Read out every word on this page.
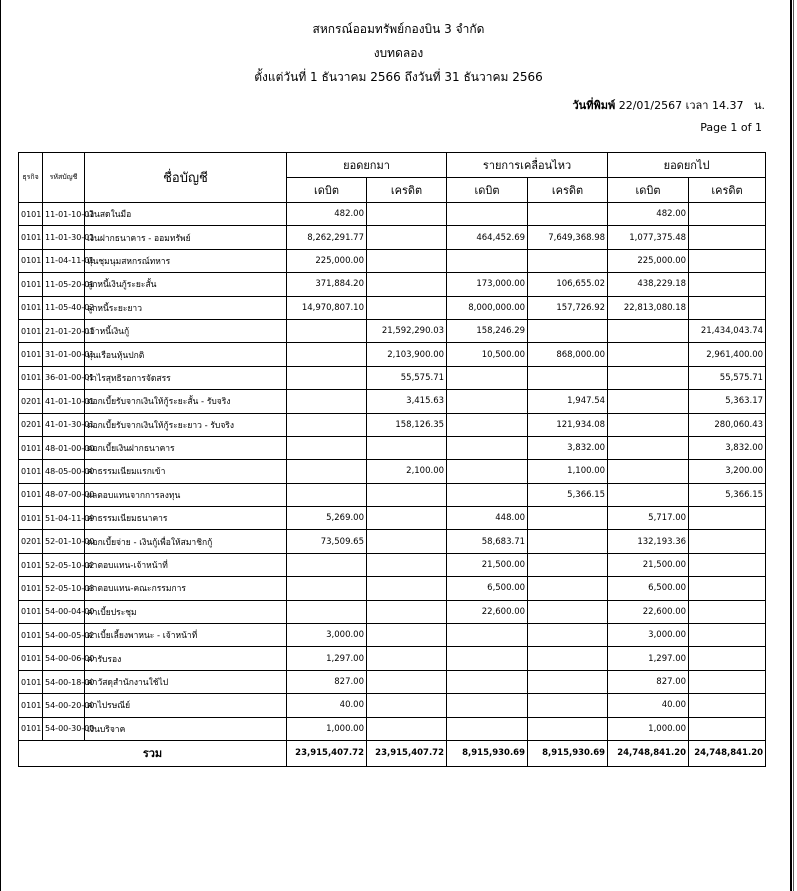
สหกรณ์ออมทรัพย์กองบิน 3 จำกัด
งบทดลอง
ตั้งแต่วันที่ 1 ธันวาคม 2566 ถึงวันที่ 31 ธันวาคม 2566
วันที่พิมพ์ 22/01/2567 เวลา 14.37 น.
Page 1 of 1
ธุรกิจ	รหัสบัญชี	ชื่อบัญชี	ยอดยกมา		รายการเคลื่อนไหว		ยอดยกไป	
			เดบิต	เครดิต	เดบิต	เครดิต	เดบิต	เครดิต
0101	11-01-10-01	เงินสดในมือ	482.00				482.00	
0101	11-01-30-01	เงินฝากธนาคาร - ออมทรัพย์	8,262,291.77		464,452.69	7,649,368.98	1,077,375.48	
0101	11-04-11-01	หุ้นชุมนุมสหกรณ์ทหาร	225,000.00				225,000.00	
0101	11-05-20-01	ลูกหนี้เงินกู้ระยะสั้น	371,884.20		173,000.00	106,655.02	438,229.18	
0101	11-05-40-02	ลูกหนี้ระยะยาว	14,970,807.10		8,000,000.00	157,726.92	22,813,080.18	
0101	21-01-20-01	เจ้าหนี้เงินกู้		21,592,290.03	158,246.29			21,434,043.74
0101	31-01-00-01	ทุนเรือนหุ้นปกติ		2,103,900.00	10,500.00	868,000.00		2,961,400.00
0101	36-01-00-01	กำไรสุทธิรอการจัดสรร		55,575.71				55,575.71
0201	41-01-10-01	ดอกเบี้ยรับจากเงินให้กู้ระยะสั้น - รับจริง		3,415.63		1,947.54		5,363.17
0201	41-01-30-01	ดอกเบี้ยรับจากเงินให้กู้ระยะยาว - รับจริง		158,126.35		121,934.08		280,060.43
0101	48-01-00-00	ดอกเบี้ยเงินฝากธนาคาร				3,832.00		3,832.00
0101	48-05-00-00	ค่าธรรมเนียมแรกเข้า		2,100.00		1,100.00		3,200.00
0101	48-07-00-00	ผลตอบแทนจากการลงทุน				5,366.15		5,366.15
0101	51-04-11-09	ค่าธรรมเนียมธนาคาร	5,269.00		448.00		5,717.00	
0201	52-01-10-00	ดอกเบี้ยจ่าย - เงินกู้เพื่อให้สมาชิกกู้	73,509.65		58,683.71		132,193.36	
0101	52-05-10-02	ค่าตอบแทน-เจ้าหน้าที่			21,500.00		21,500.00	
0101	52-05-10-03	ค่าตอบแทน-คณะกรรมการ			6,500.00		6,500.00	
0101	54-00-04-00	ค่าเบี้ยประชุม			22,600.00		22,600.00	
0101	54-00-05-02	ค่าเบี้ยเลี้ยงพาหนะ - เจ้าหน้าที่	3,000.00				3,000.00	
0101	54-00-06-00	ค่ารับรอง	1,297.00				1,297.00	
0101	54-00-18-00	ค่าวัสดุสำนักงานใช้ไป	827.00				827.00	
0101	54-00-20-00	ค่าไปรษณีย์	40.00				40.00	
0101	54-00-30-00	เงินบริจาค	1,000.00				1,000.00	
รวม			23,915,407.72	23,915,407.72	8,915,930.69	8,915,930.69	24,748,841.20	24,748,841.20
